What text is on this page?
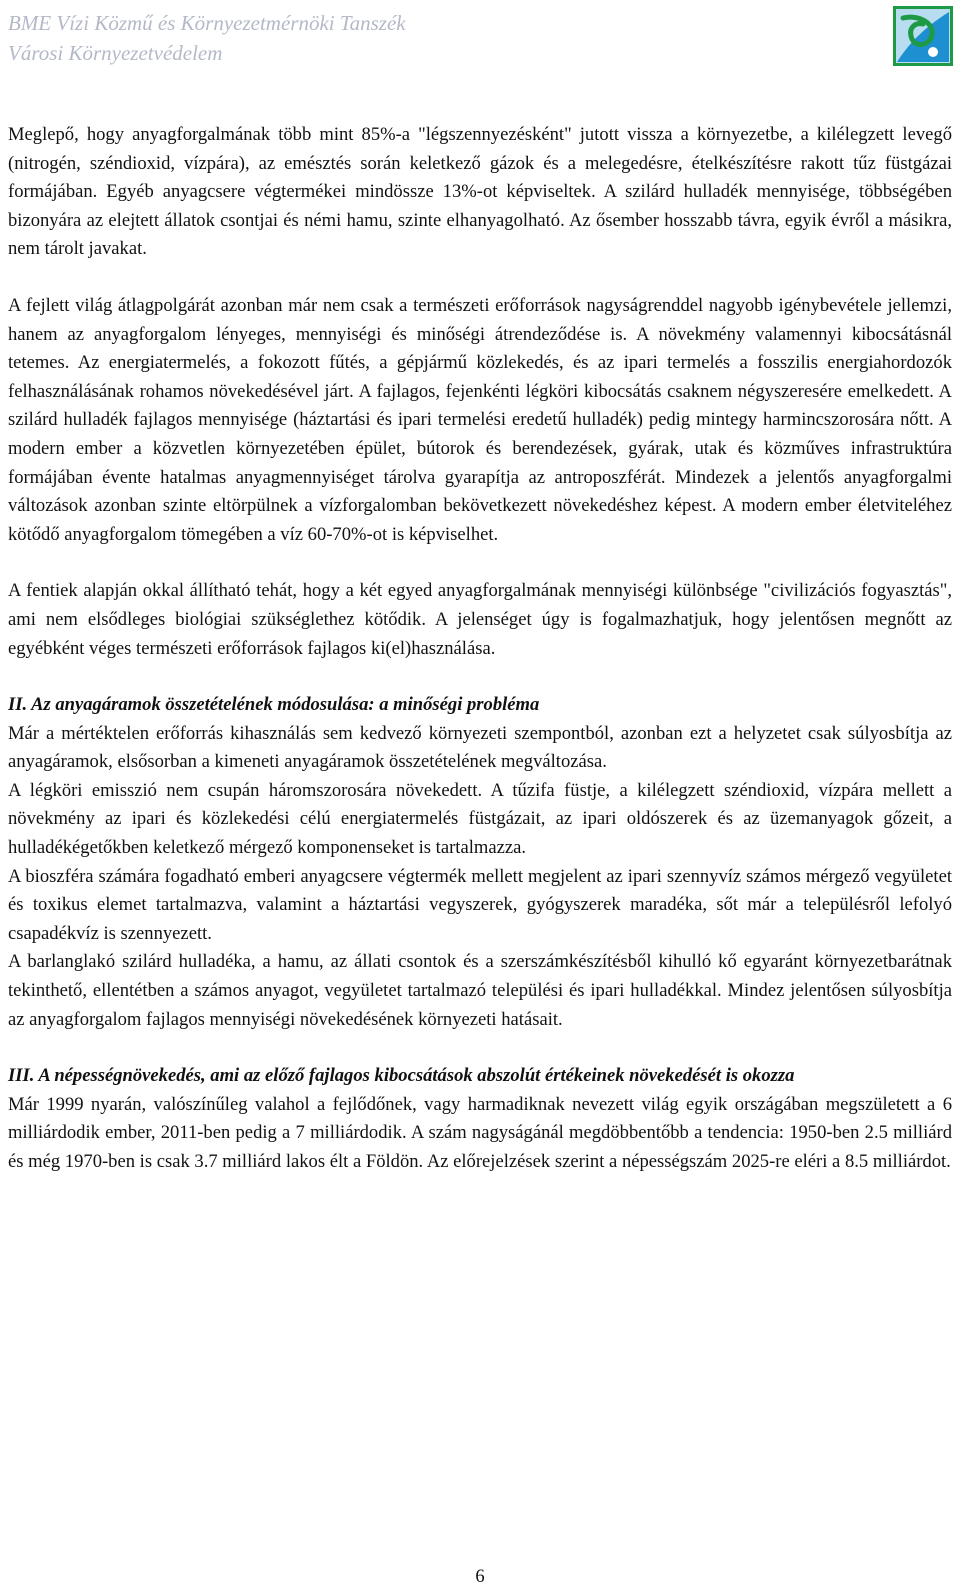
BME Vízi Közmű és Környezetmérnöki Tanszék
Városi Környezetvédelem

Meglepő, hogy anyagforgalmának több mint 85%-a "légszennyezésként" jutott vissza a környezetbe, a kilélegzett levegő (nitrogén, széndioxid, vízpára), az emésztés során keletkező gázok és a melegedésre, ételkészítésre rakott tűz füstgázai formájában. Egyéb anyagcsere végtermékei mindössze 13%-ot képviseltek. A szilárd hulladék mennyisége, többségében bizonyára az elejtett állatok csontjai és némi hamu, szinte elhanyagolható. Az ősember hosszabb távra, egyik évről a másikra, nem tárolt javakat.

A fejlett világ átlagpolgárát azonban már nem csak a természeti erőforrások nagyságrenddel nagyobb igénybevétele jellemzi, hanem az anyagforgalom lényeges, mennyiségi és minőségi átrendeződése is. A növekmény valamennyi kibocsátásnál tetemes. Az energiatermelés, a fokozott fűtés, a gépjármű közlekedés, és az ipari termelés a fosszilis energiahordozók felhasználásának rohamos növekedésével járt. A fajlagos, fejenkénti légköri kibocsátás csaknem négyszeresére emelkedett. A szilárd hulladék fajlagos mennyisége (háztartási és ipari termelési eredetű hulladék) pedig mintegy harmincszorosára nőtt. A modern ember a közvetlen környezetében épület, bútorok és berendezések, gyárak, utak és közműves infrastruktúra formájában évente hatalmas anyagmennyiséget tárolva gyarapítja az antroposzférát. Mindezek a jelentős anyagforgalmi változások azonban szinte eltörpülnek a vízforgalomban bekövetkezett növekedéshez képest. A modern ember életviteléhez kötődő anyagforgalom tömegében a víz 60-70%-ot is képviselhet.

A fentiek alapján okkal állítható tehát, hogy a két egyed anyagforgalmának mennyiségi különbsége "civilizációs fogyasztás", ami nem elsődleges biológiai szükséglethez kötődik. A jelenséget úgy is fogalmazhatjuk, hogy jelentősen megnőtt az egyébként véges természeti erőforrások fajlagos ki(el)használása.

II. Az anyagáramok összetételének módosulása: a minőségi probléma

Már a mértéktelen erőforrás kihasználás sem kedvező környezeti szempontból, azonban ezt a helyzetet csak súlyosbítja az anyagáramok, elsősorban a kimeneti anyagáramok összetételének megváltozása.

A légköri emisszió nem csupán háromszorosára növekedett. A tűzifa füstje, a kilélegzett széndioxid, vízpára mellett a növekmény az ipari és közlekedési célú energiatermelés füstgázait, az ipari oldószerek és az üzemanyagok gőzeit, a hulladékégetőkben keletkező mérgező komponenseket is tartalmazza.

A bioszféra számára fogadható emberi anyagcsere végtermék mellett megjelent az ipari szennyvíz számos mérgező vegyületet és toxikus elemet tartalmazva, valamint a háztartási vegyszerek, gyógyszerek maradéka, sőt már a településről lefolyó csapadékvíz is szennyezett.

A barlanglakó szilárd hulladéka, a hamu, az állati csontok és a szerszámkészítésből kihulló kő egyaránt környezetbarátnak tekinthető, ellentétben a számos anyagot, vegyületet tartalmazó települési és ipari hulladékkal. Mindez jelentősen súlyosbítja az anyagforgalom fajlagos mennyiségi növekedésének környezeti hatásait.

III. A népességnövekedés, ami az előző fajlagos kibocsátások abszolút értékeinek növekedését is okozza

Már 1999 nyarán, valószínűleg valahol a fejlődőnek, vagy harmadiknak nevezett világ egyik országában megszületett a 6 milliárdodik ember, 2011-ben pedig a 7 milliárdodik. A szám nagyságánál megdöbbentőbb a tendencia: 1950-ben 2.5 milliárd és még 1970-ben is csak 3.7 milliárd lakos élt a Földön. Az előrejelzések szerint a népességszám 2025-re eléri a 8.5 milliárdot.

6
